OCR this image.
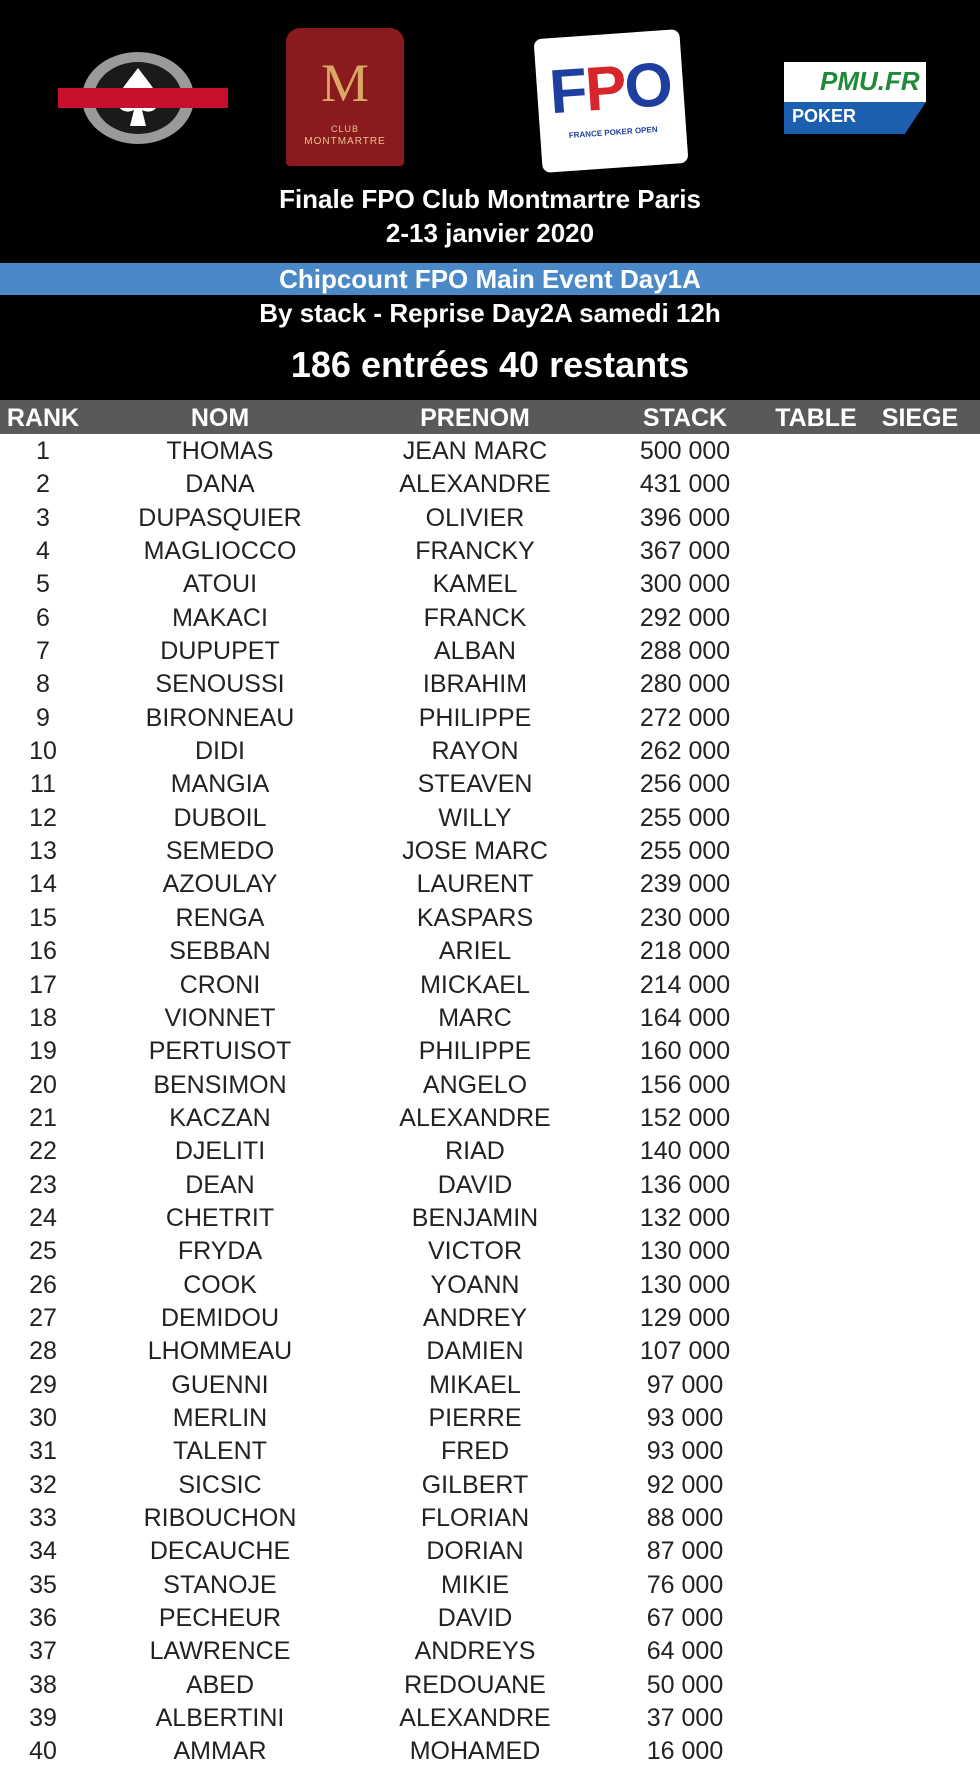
M
CLUB
MONTMARTRE
FPO
FRANCE POKER OPEN
PMU.FR
POKER
Finale FPO Club Montmartre Paris
2-13 janvier 2020
Chipcount FPO Main Event Day1A
By stack - Reprise Day2A samedi 12h
186 entrées 40 restants
RANK	NOM	PRENOM	STACK	TABLE	SIEGE
1	THOMAS	JEAN MARC	500 000
2	DANA	ALEXANDRE	431 000
3	DUPASQUIER	OLIVIER	396 000
4	MAGLIOCCO	FRANCKY	367 000
5	ATOUI	KAMEL	300 000
6	MAKACI	FRANCK	292 000
7	DUPUPET	ALBAN	288 000
8	SENOUSSI	IBRAHIM	280 000
9	BIRONNEAU	PHILIPPE	272 000
10	DIDI	RAYON	262 000
11	MANGIA	STEAVEN	256 000
12	DUBOIL	WILLY	255 000
13	SEMEDO	JOSE MARC	255 000
14	AZOULAY	LAURENT	239 000
15	RENGA	KASPARS	230 000
16	SEBBAN	ARIEL	218 000
17	CRONI	MICKAEL	214 000
18	VIONNET	MARC	164 000
19	PERTUISOT	PHILIPPE	160 000
20	BENSIMON	ANGELO	156 000
21	KACZAN	ALEXANDRE	152 000
22	DJELITI	RIAD	140 000
23	DEAN	DAVID	136 000
24	CHETRIT	BENJAMIN	132 000
25	FRYDA	VICTOR	130 000
26	COOK	YOANN	130 000
27	DEMIDOU	ANDREY	129 000
28	LHOMMEAU	DAMIEN	107 000
29	GUENNI	MIKAEL	97 000
30	MERLIN	PIERRE	93 000
31	TALENT	FRED	93 000
32	SICSIC	GILBERT	92 000
33	RIBOUCHON	FLORIAN	88 000
34	DECAUCHE	DORIAN	87 000
35	STANOJE	MIKIE	76 000
36	PECHEUR	DAVID	67 000
37	LAWRENCE	ANDREYS	64 000
38	ABED	REDOUANE	50 000
39	ALBERTINI	ALEXANDRE	37 000
40	AMMAR	MOHAMED	16 000
